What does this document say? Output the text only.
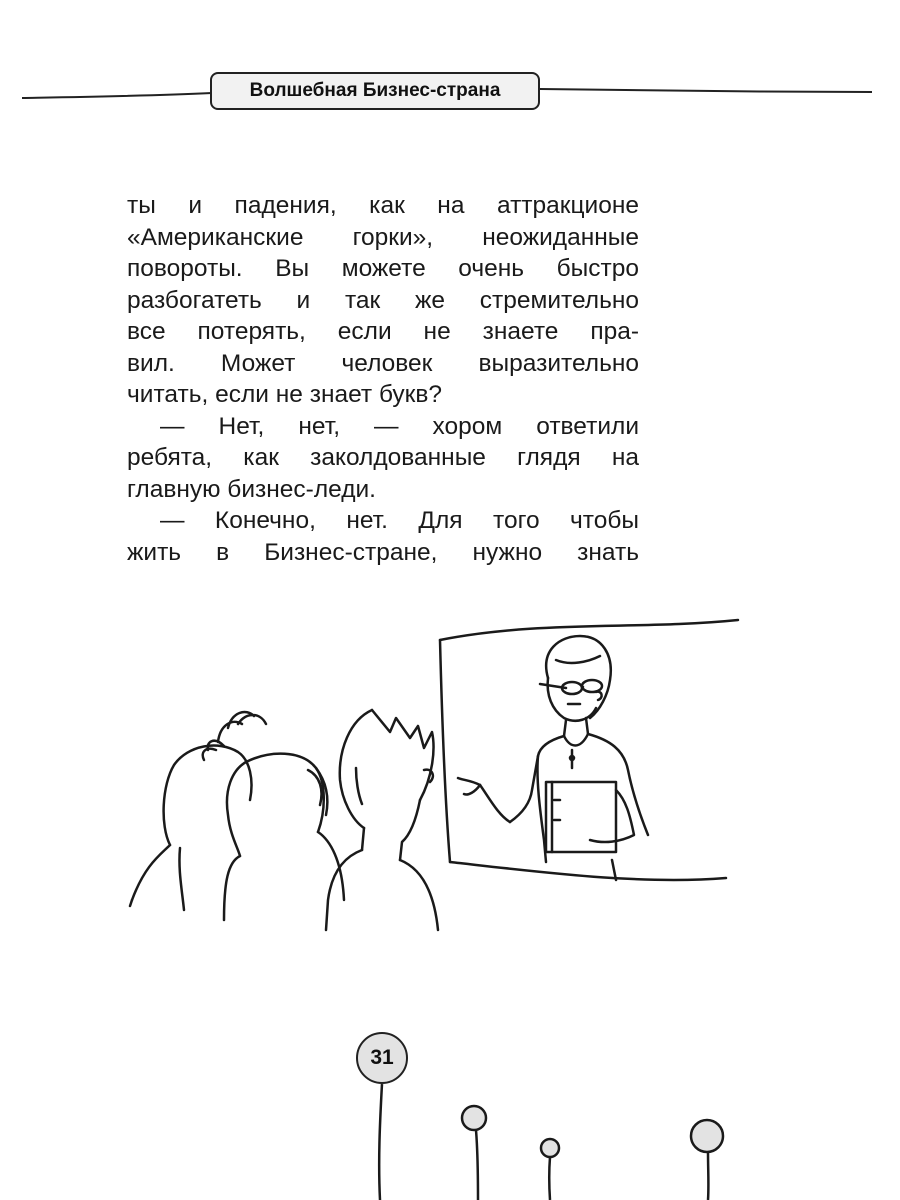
Волшебная Бизнес-страна

ты и падения, как на аттракционе

«Американские горки», неожиданные

повороты. Вы можете очень быстро

разбогатеть и так же стремительно

все потерять, если не знаете пра-

вил. Может человек выразительно

читать, если не знает букв?

— Нет, нет, — хором ответили

ребята, как заколдованные глядя на

главную бизнес-леди.

— Конечно, нет. Для того чтобы

жить в Бизнес-стране, нужно знать

31
